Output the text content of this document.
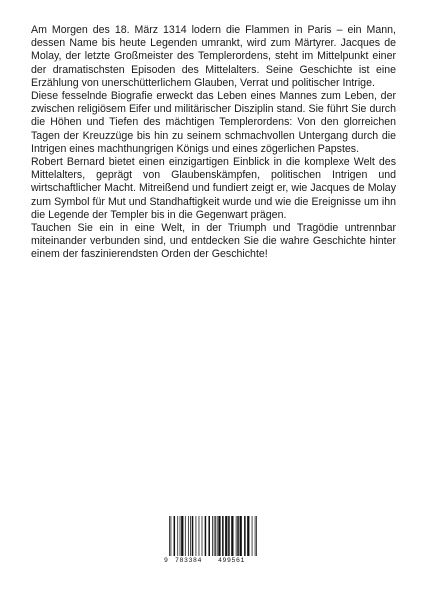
Am Morgen des 18. März 1314 lodern die Flammen in Paris – ein Mann, dessen Name bis heute Legenden umrankt, wird zum Märtyrer. Jacques de Molay, der letzte Großmeister des Templerordens, steht im Mittelpunkt einer der dramatischsten Episoden des Mittelalters. Seine Geschichte ist eine Erzählung von unerschütterlichem Glauben, Verrat und politischer Intrige.

Diese fesselnde Biografie erweckt das Leben eines Mannes zum Leben, der zwischen religiösem Eifer und militärischer Disziplin stand. Sie führt Sie durch die Höhen und Tiefen des mächtigen Templerordens: Von den glorreichen Tagen der Kreuzzüge bis hin zu seinem schmachvollen Untergang durch die Intrigen eines machthungrigen Königs und eines zögerlichen Papstes.

Robert Bernard bietet einen einzigartigen Einblick in die komplexe Welt des Mittelalters, geprägt von Glaubenskämpfen, politischen Intrigen und wirtschaftlicher Macht. Mitreißend und fundiert zeigt er, wie Jacques de Molay zum Symbol für Mut und Standhaftigkeit wurde und wie die Ereignisse um ihn die Legende der Templer bis in die Gegenwart prägen.

Tauchen Sie ein in eine Welt, in der Triumph und Tragödie untrennbar miteinander verbunden sind, und entdecken Sie die wahre Geschichte hinter einem der faszinierendsten Orden der Geschichte!

9 783384 499561
